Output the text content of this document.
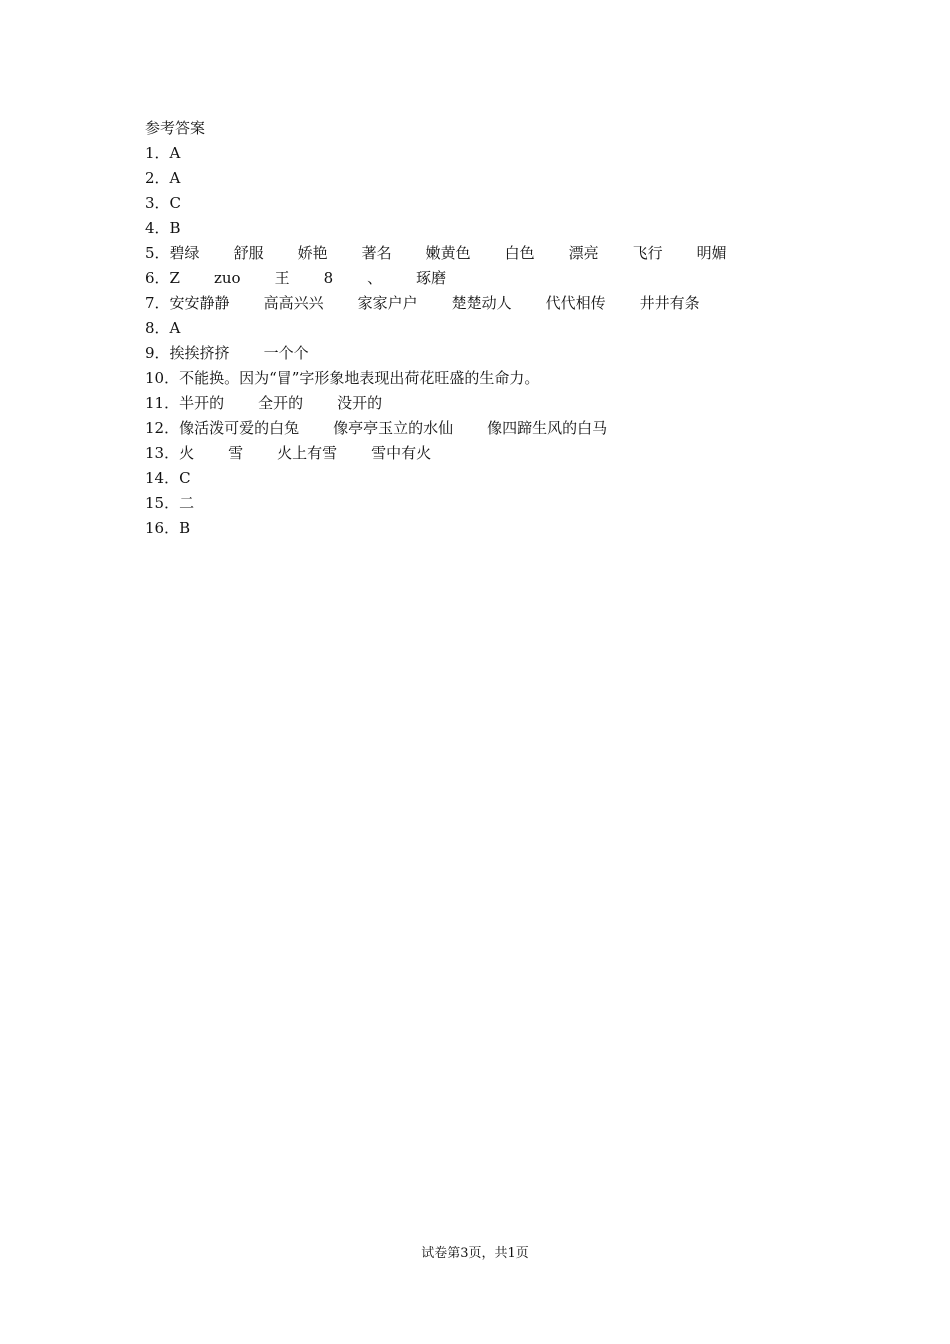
参考答案
1． A
2． A
3． C
4． B
5． 碧绿 舒服 娇艳 著名 嫩黄色 白色 漂亮 飞行 明媚
6． Z zuo 王 8 、 琢磨
7． 安安静静 高高兴兴 家家户户 楚楚动人 代代相传 井井有条
8． A
9． 挨挨挤挤 一个个
10． 不能换。因为“冒”字形象地表现出荷花旺盛的生命力。
11． 半开的 全开的 没开的
12． 像活泼可爱的白兔 像亭亭玉立的水仙 像四蹄生风的白马
13． 火 雪 火上有雪 雪中有火
14． C
15． 二
16． B
试卷第3页，共1页
